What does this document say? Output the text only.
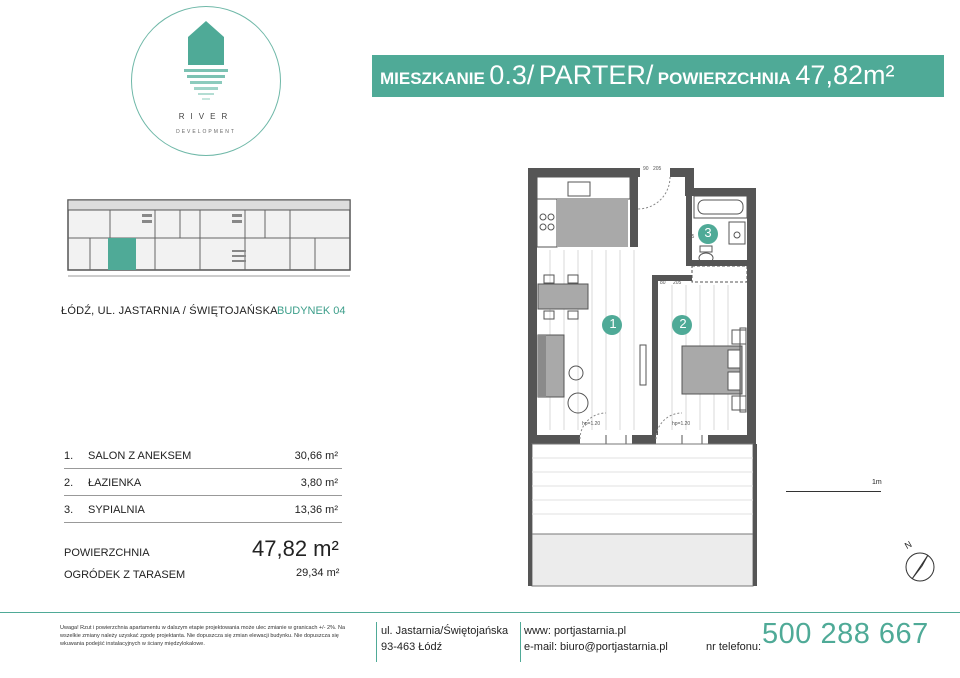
RIVER
DEVELOPMENT
MIESZKANIE 0.3/ PARTER/ POWIERZCHNIA 47,82m²
ŁÓDŹ, UL. JASTARNIA / ŚWIĘTOJAŃSKA BUDYNEK 04
1. SALON Z ANEKSEM	30,66 m²
2. ŁAZIENKA	3,80 m²
3. SYPIALNIA	13,36 m²
POWIERZCHNIA	47,82 m²
OGRÓDEK Z TARASEM	29,34 m²
1	2
3
90 205
80 205
80
205
hp=1.20	hp=1.20
1m
N
Uwaga! Rzut i powierzchnia apartamentu w dalszym etapie projektowania może ulec zmianie w granicach +/- 2%. Na wszelkie zmiany należy uzyskać zgodę projektanta. Nie dopuszcza się zmian elewacji budynku. Nie dopuszcza się wkuwania podejść instalacyjnych w ściany międzylokalowe.
ul. Jastarnia/Świętojańska
93-463 Łódź
www: portjastarnia.pl
e-mail: biuro@portjastarnia.pl	nr telefonu: 500 288 667
